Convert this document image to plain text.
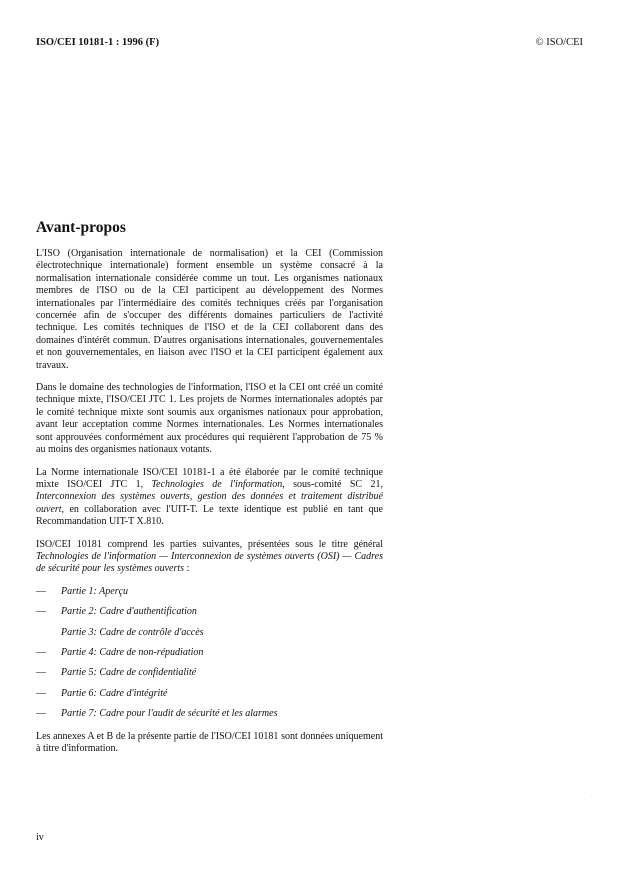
ISO/CEI 10181-1 : 1996 (F)	© ISO/CEI
Avant-propos

L'ISO (Organisation internationale de normalisation) et la CEI (Commission électrotechnique internationale) forment ensemble un système consacré à la normalisation internationale considérée comme un tout. Les organismes nationaux membres de l'ISO ou de la CEI participent au développement des Normes internationales par l'intermédiaire des comités techniques créés par l'organisation concernée afin de s'occuper des différents domaines particuliers de l'activité technique. Les comités techniques de l'ISO et de la CEI collaborent dans des domaines d'intérêt commun. D'autres organisations internationales, gouvernementales et non gouvernementales, en liaison avec l'ISO et la CEI participent également aux travaux.

Dans le domaine des technologies de l'information, l'ISO et la CEI ont créé un comité technique mixte, l'ISO/CEI JTC 1. Les projets de Normes internationales adoptés par le comité technique mixte sont soumis aux organismes nationaux pour approbation, avant leur acceptation comme Normes internationales. Les Normes internationales sont approuvées conformément aux procédures qui requièrent l'approbation de 75 % au moins des organismes nationaux votants.

La Norme internationale ISO/CEI 10181-1 a été élaborée par le comité technique mixte ISO/CEI JTC 1, Technologies de l'information, sous-comité SC 21, Interconnexion des systèmes ouverts, gestion des données et traitement distribué ouvert, en collaboration avec l'UIT-T. Le texte identique est publié en tant que Recommandation UIT-T X.810.

ISO/CEI 10181 comprend les parties suivantes, présentées sous le titre général Technologies de l'information — Interconnexion de systèmes ouverts (OSI) — Cadres de sécurité pour les systèmes ouverts :

— Partie 1: Aperçu
— Partie 2: Cadre d'authentification
Partie 3: Cadre de contrôle d'accès
— Partie 4: Cadre de non-répudiation
— Partie 5: Cadre de confidentialité
— Partie 6: Cadre d'intégrité
— Partie 7: Cadre pour l'audit de sécurité et les alarmes

Les annexes A et B de la présente partie de l'ISO/CEI 10181 sont données uniquement à titre d'information.

.
iv
